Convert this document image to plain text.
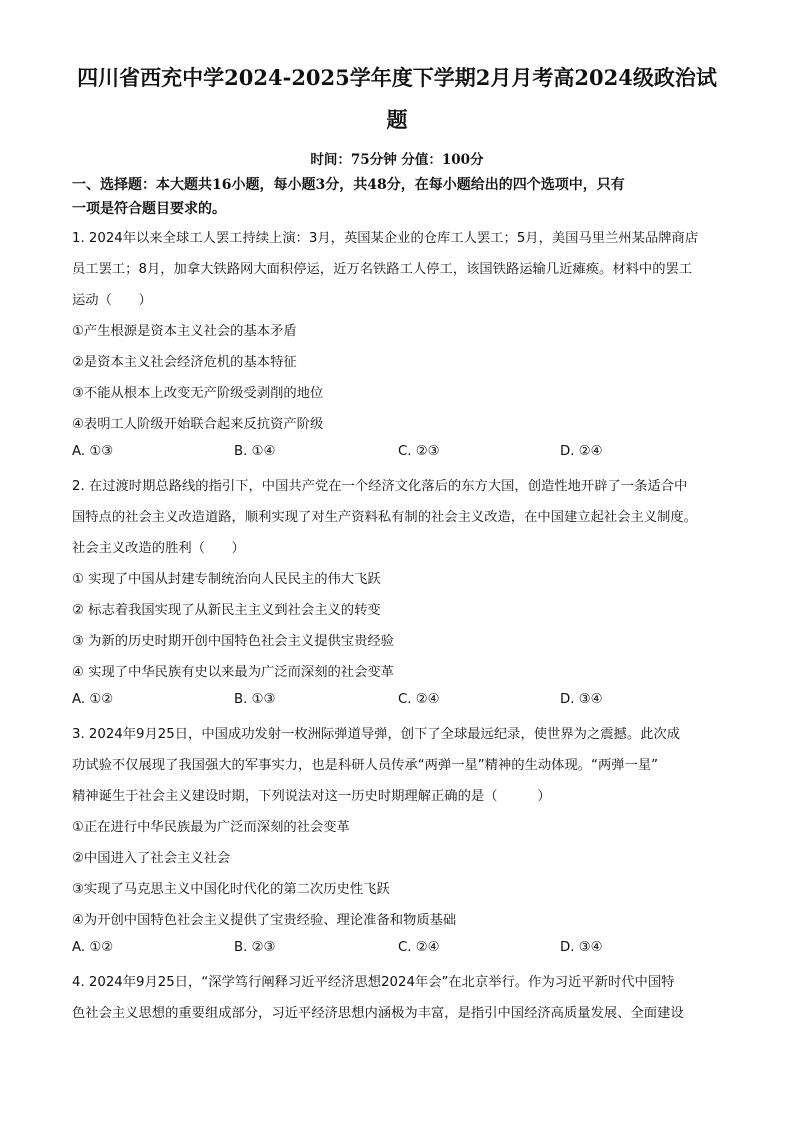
四川省西充中学2024-2025学年度下学期2月月考高2024级政治试
题
时间：75分钟 分值：100分
一、选择题：本大题共16小题，每小题3分，共48分，在每小题给出的四个选项中，只有
一项是符合题目要求的。
1. 2024年以来全球工人罢工持续上演：3月，英国某企业的仓库工人罢工；5月，美国马里兰州某品牌商店
员工罢工；8月，加拿大铁路网大面积停运，近万名铁路工人停工，该国铁路运输几近瘫痪。材料中的罢工
运动（　　）
①产生根源是资本主义社会的基本矛盾
②是资本主义社会经济危机的基本特征
③不能从根本上改变无产阶级受剥削的地位
④表明工人阶级开始联合起来反抗资产阶级
A. ①③	B. ①④	C. ②③	D. ②④
2. 在过渡时期总路线的指引下，中国共产党在一个经济文化落后的东方大国，创造性地开辟了一条适合中
国特点的社会主义改造道路，顺利实现了对生产资料私有制的社会主义改造，在中国建立起社会主义制度。
社会主义改造的胜利（　　）
① 实现了中国从封建专制统治向人民民主的伟大飞跃
② 标志着我国实现了从新民主主义到社会主义的转变
③ 为新的历史时期开创中国特色社会主义提供宝贵经验
④ 实现了中华民族有史以来最为广泛而深刻的社会变革
A. ①②	B. ①③	C. ②④	D. ③④
3. 2024年9月25日，中国成功发射一枚洲际弹道导弹，创下了全球最远纪录，使世界为之震撼。此次成
功试验不仅展现了我国强大的军事实力，也是科研人员传承“两弹一星”精神的生动体现。“两弹一星”
精神诞生于社会主义建设时期，下列说法对这一历史时期理解正确的是（　　　）
①正在进行中华民族最为广泛而深刻的社会变革
②中国进入了社会主义社会
③实现了马克思主义中国化时代化的第二次历史性飞跃
④为开创中国特色社会主义提供了宝贵经验、理论准备和物质基础
A. ①②	B. ②③	C. ②④	D. ③④
4. 2024年9月25日，“深学笃行阐释习近平经济思想2024年会”在北京举行。作为习近平新时代中国特
色社会主义思想的重要组成部分，习近平经济思想内涵极为丰富，是指引中国经济高质量发展、全面建设
